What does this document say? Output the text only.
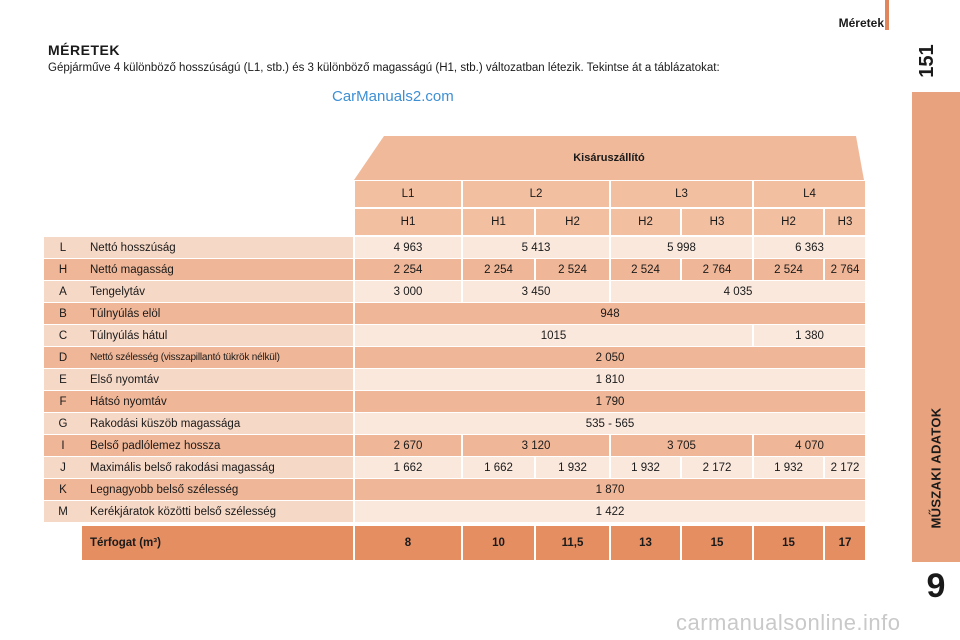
Méretek
151
MŰSZAKI ADATOK
9
MÉRETEK
Gépjárműve 4 különböző hosszúságú (L1, stb.) és 3 különböző magasságú (H1, stb.) változatban létezik. Tekintse át a táblázatokat:
CarManuals2.com
Kisáruszállító
L1	L2	L3	L4
H1	H1	H2	H2	H3	H2	H3
L	Nettó hosszúság	4 963	5 413	5 998	6 363
H	Nettó magasság	2 254	2 254	2 524	2 524	2 764	2 524	2 764
A	Tengelytáv	3 000	3 450	4 035
B	Túlnyúlás elöl	948
C	Túlnyúlás hátul	1015	1 380
D	Nettó szélesség (visszapillantó tükrök nélkül)	2 050
E	Első nyomtáv	1 810
F	Hátsó nyomtáv	1 790
G	Rakodási küszöb magassága	535 - 565
I	Belső padlólemez hossza	2 670	3 120	3 705	4 070
J	Maximális belső rakodási magasság	1 662	1 662	1 932	1 932	2 172	1 932	2 172
K	Legnagyobb belső szélesség	1 870
M	Kerékjáratok közötti belső szélesség	1 422
Térfogat (m³)	8	10	11,5	13	15	15	17
carmanualsonline.info
